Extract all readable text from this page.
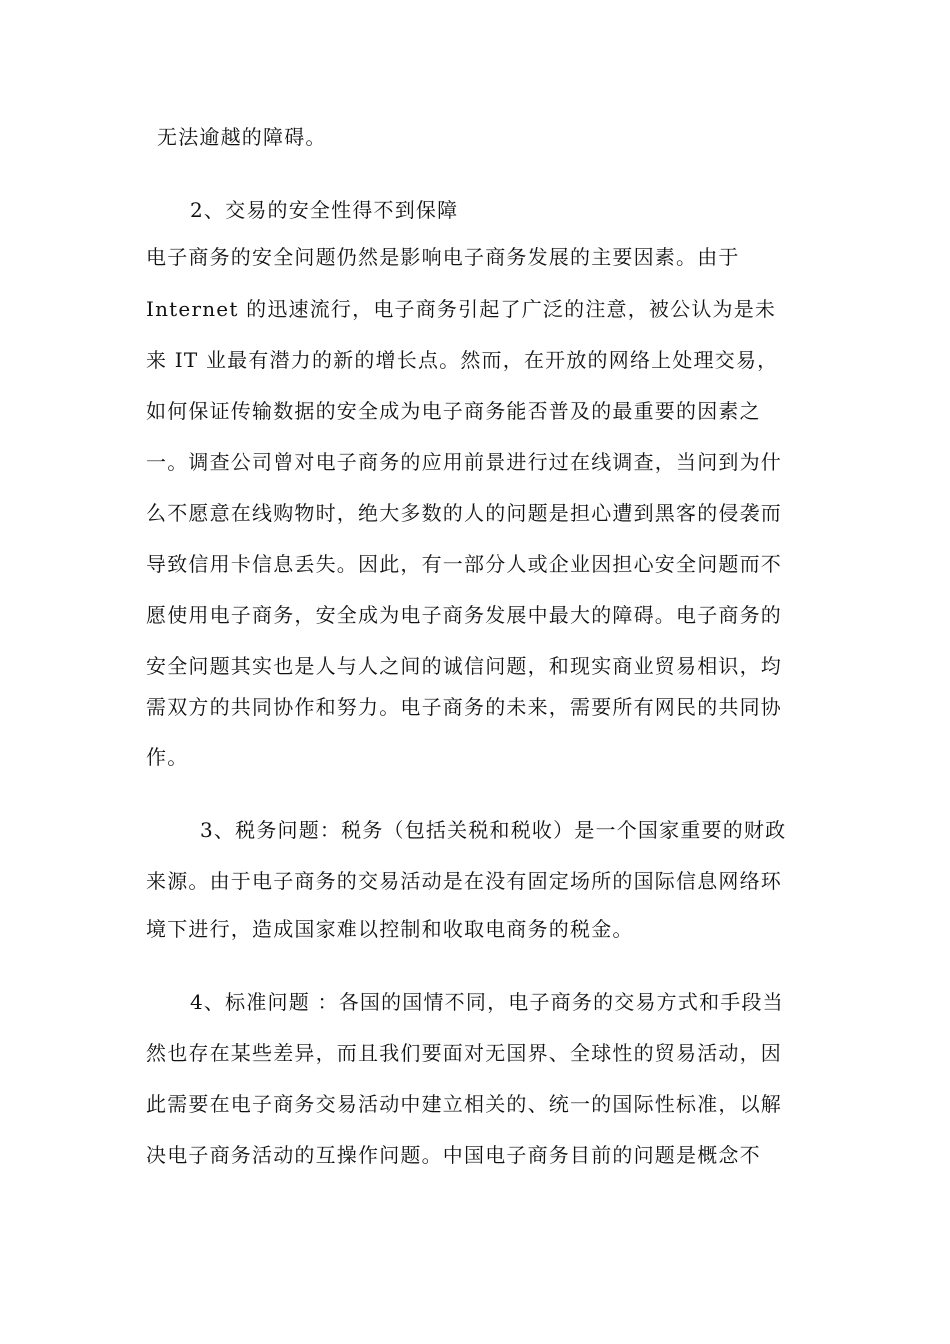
无法逾越的障碍。
2、交易的安全性得不到保障
电子商务的安全问题仍然是影响电子商务发展的主要因素。由于
Internet 的迅速流行，电子商务引起了广泛的注意，被公认为是未
来 IT 业最有潜力的新的增长点。然而，在开放的网络上处理交易，
如何保证传输数据的安全成为电子商务能否普及的最重要的因素之
一。调查公司曾对电子商务的应用前景进行过在线调查，当问到为什
么不愿意在线购物时，绝大多数的人的问题是担心遭到黑客的侵袭而
导致信用卡信息丢失。因此，有一部分人或企业因担心安全问题而不
愿使用电子商务，安全成为电子商务发展中最大的障碍。电子商务的
安全问题其实也是人与人之间的诚信问题，和现实商业贸易相识，均
需双方的共同协作和努力。电子商务的未来，需要所有网民的共同协
作。
3、税务问题：税务（包括关税和税收）是一个国家重要的财政
来源。由于电子商务的交易活动是在没有固定场所的国际信息网络环
境下进行，造成国家难以控制和收取电商务的税金。
4、标准问题 ：各国的国情不同，电子商务的交易方式和手段当
然也存在某些差异，而且我们要面对无国界、全球性的贸易活动，因
此需要在电子商务交易活动中建立相关的、统一的国际性标准，以解
决电子商务活动的互操作问题。中国电子商务目前的问题是概念不
